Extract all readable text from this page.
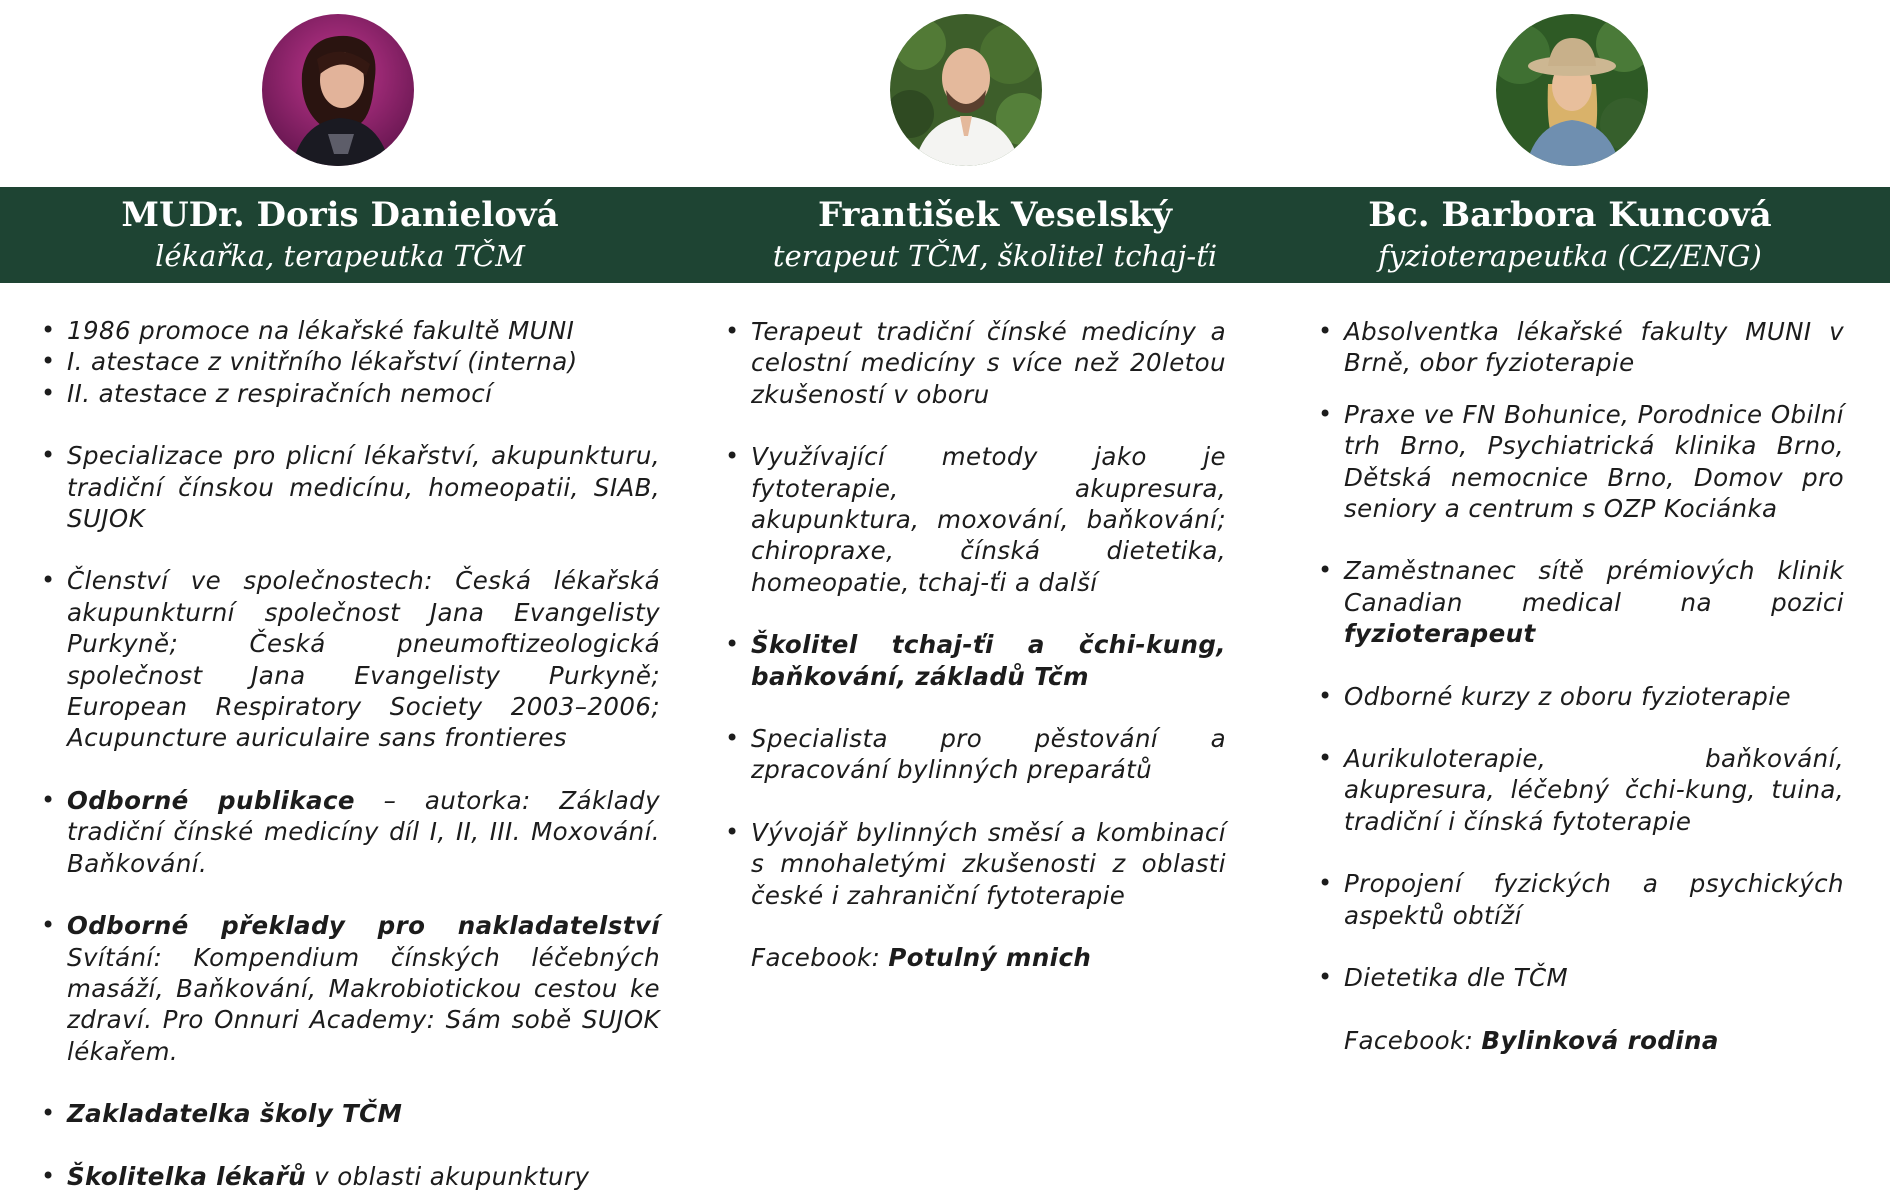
MUDr. Doris Danielová
lékařka, terapeutka TČM
• 1986 promoce na lékařské fakultě MUNI
• I. atestace z vnitřního lékařství (interna)
• II. atestace z respiračních nemocí
• Specializace pro plicní lékařství, akupunkturu, tradiční čínskou medicínu, homeopatii, SIAB, SUJOK
• Členství ve společnostech: Česká lékařská akupunkturní společnost Jana Evangelisty Purkyně; Česká pneumoftizeologická společnost Jana Evangelisty Purkyně; European Respiratory Society 2003–2006; Acupuncture auriculaire sans frontieres
• Odborné publikace – autorka: Základy tradiční čínské medicíny díl I, II, III. Moxování. Baňkování.
• Odborné překlady pro nakladatelství Svítání: Kompendium čínských léčebných masáží, Baňkování, Makrobiotickou cestou ke zdraví. Pro Onnuri Academy: Sám sobě SUJOK lékařem.
• Zakladatelka školy TČM
• Školitelka lékařů v oblasti akupunktury
František Veselský
terapeut TČM, školitel tchaj-ťi
• Terapeut tradiční čínské medicíny a celostní medicíny s více než 20letou zkušeností v oboru
• Využívající metody jako je fytoterapie, akupresura, akupunktura, moxování, baňkování; chiropraxe, čínská dietetika, homeopatie, tchaj-ťi a další
• Školitel tchaj-ťi a čchi-kung, baňkování, základů Tčm
• Specialista pro pěstování a zpracování bylinných preparátů
• Vývojář bylinných směsí a kombinací s mnohaletými zkušenosti z oblasti české i zahraniční fytoterapie
Facebook: Potulný mnich
Bc. Barbora Kuncová
fyzioterapeutka (CZ/ENG)
• Absolventka lékařské fakulty MUNI v Brně, obor fyzioterapie
• Praxe ve FN Bohunice, Porodnice Obilní trh Brno, Psychiatrická klinika Brno, Dětská nemocnice Brno, Domov pro seniory a centrum s OZP Kociánka
• Zaměstnanec sítě prémiových klinik Canadian medical na pozici fyzioterapeut
• Odborné kurzy z oboru fyzioterapie
• Aurikuloterapie, baňkování, akupresura, léčebný čchi-kung, tuina, tradiční i čínská fytoterapie
• Propojení fyzických a psychických aspektů obtíží
• Dietetika dle TČM
Facebook: Bylinková rodina
